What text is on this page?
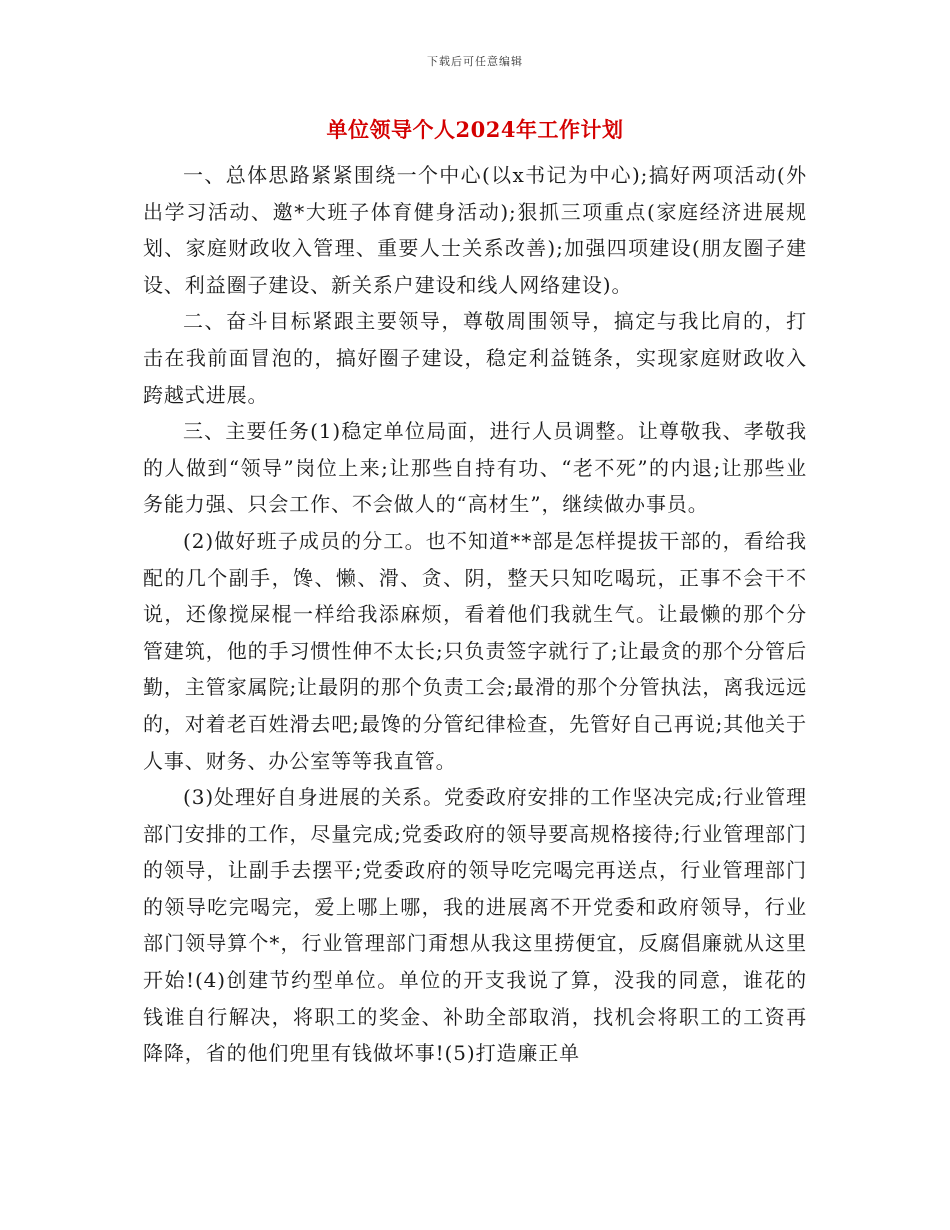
下载后可任意编辑
单位领导个人2024年工作计划

一、总体思路紧紧围绕一个中心(以x书记为中心);搞好两项活动(外出学习活动、邀*大班子体育健身活动);狠抓三项重点(家庭经济进展规划、家庭财政收入管理、重要人士关系改善);加强四项建设(朋友圈子建设、利益圈子建设、新关系户建设和线人网络建设)。

二、奋斗目标紧跟主要领导，尊敬周围领导，搞定与我比肩的，打击在我前面冒泡的，搞好圈子建设，稳定利益链条，实现家庭财政收入跨越式进展。

三、主要任务(1)稳定单位局面，进行人员调整。让尊敬我、孝敬我的人做到“领导”岗位上来;让那些自持有功、“老不死”的内退;让那些业务能力强、只会工作、不会做人的“高材生”，继续做办事员。

(2)做好班子成员的分工。也不知道**部是怎样提拔干部的，看给我配的几个副手，馋、懒、滑、贪、阴，整天只知吃喝玩，正事不会干不说，还像搅屎棍一样给我添麻烦，看着他们我就生气。让最懒的那个分管建筑，他的手习惯性伸不太长;只负责签字就行了;让最贪的那个分管后勤，主管家属院;让最阴的那个负责工会;最滑的那个分管执法，离我远远的，对着老百姓滑去吧;最馋的分管纪律检查，先管好自己再说;其他关于人事、财务、办公室等等我直管。

(3)处理好自身进展的关系。党委政府安排的工作坚决完成;行业管理部门安排的工作，尽量完成;党委政府的领导要高规格接待;行业管理部门的领导，让副手去摆平;党委政府的领导吃完喝完再送点，行业管理部门的领导吃完喝完，爱上哪上哪，我的进展离不开党委和政府领导，行业部门领导算个*，行业管理部门甭想从我这里捞便宜，反腐倡廉就从这里开始!(4)创建节约型单位。单位的开支我说了算，没我的同意，谁花的钱谁自行解决，将职工的奖金、补助全部取消，找机会将职工的工资再降降，省的他们兜里有钱做坏事!(5)打造廉正单
